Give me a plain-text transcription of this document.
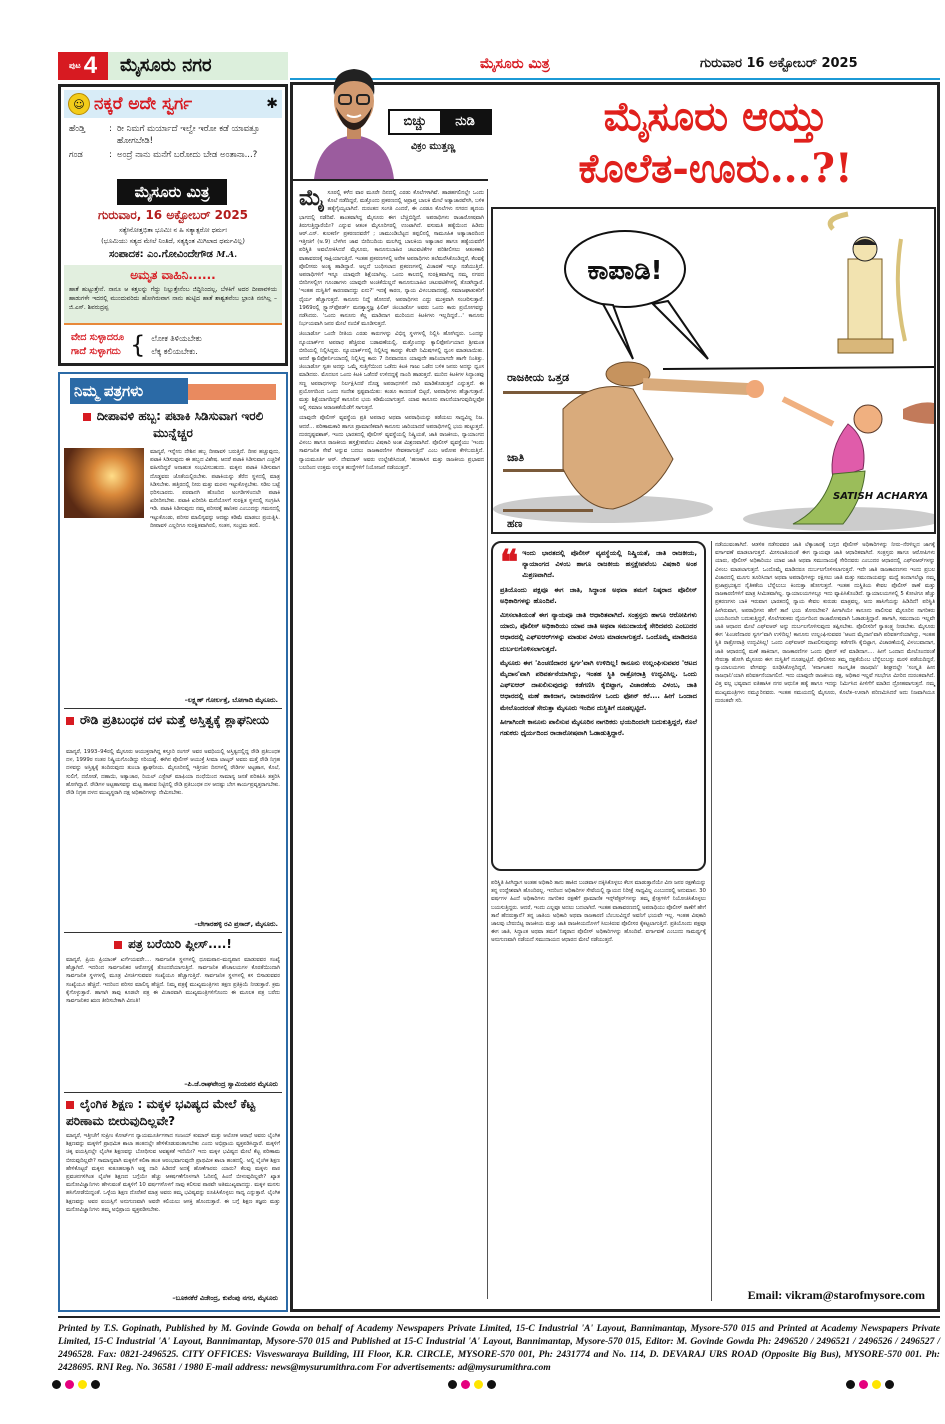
ಪುಟ 4	ಮೈಸೂರು ನಗರ	ಮೈಸೂರು ಮಿತ್ರ	ಗುರುವಾರ 16 ಅಕ್ಟೋಬರ್ 2025
☺ ನಕ್ಕರೆ ಅದೇ ಸ್ವರ್ಗ	✱
ಹೆಂಡ್ತಿ	: ರೀ ನಿಮಗೆ ಮರ್ಯಾದೆ ಇಲ್ವೇ ಇರೋ ಕಡೆ ಯಾವತ್ತೂ ಹೋಗಬೇಡಿ!
ಗಂಡ	: ಅಂದ್ರೆ ನಾನು ಮನೆಗೆ ಬರೋದು ಬೇಡ ಅಂತಾನಾ...?
ಮೈಸೂರು ಮಿತ್ರ
ಗುರುವಾರ, 16 ಅಕ್ಟೋಬರ್ 2025
ಸತ್ಯೇನೋತ್ತಭಿತಾ ಭೂಮಿಃ ನ ಹಿ ಸತ್ಯಾತ್ಪರೋ ಧರ್ಮಃ
(ಭೂಮಿಯು ಸತ್ಯದ ಮೇಲೆ ನಿಂತಿದೆ, ಸತ್ಯಕ್ಕಿಂತ ಮಿಗಿಲಾದ ಧರ್ಮವಿಲ್ಲ)
ಸಂಪಾದಕ: ಎಂ.ಗೋವಿಂದೇಗೌಡ M.A.
ಅಮೃತ ವಾಹಿನಿ......
ಹಾತೆ ಹುಟ್ಟುತ್ತೇನೆ. ನಾನೂ ಆ ಕತ್ತಲನ್ನು ಗೆದ್ದು ನಿಲ್ಲುತ್ತೇನೆಂಬ ಜಿದ್ದಿನಿಂದಲ್ಲ, ಬೆಳಕಿಗೆ ಅದರ ದೀಪಾವಳಿಯ ಹಾಡುಗಳೇ ಇದರಲ್ಲಿ ಮುಂದುವರಿದು ಹೋಗಿರುವಾಗ ನಾನು ಹುಟ್ಟಿದ ಹಾತೆ ಶಾಶ್ವತವೆಂಬ ಭ್ರಾಂತಿ ನನಗಿಲ್ಲ – ಜಿ.ಎಸ್. ಶಿವರುದ್ರಪ್ಪ
ವೇದ ಸುಳ್ಳಾದರೂ
ಗಾದೆ ಸುಳ್ಳಾಗದು { ಲೋಕ ತಿಳಿಯಬೇಕು
ಲೆಕ್ಕ ಕಲಿಯಬೇಕು.
ನಿಮ್ಮ ಪತ್ರಗಳು
ದೀಪಾವಳಿ ಹಬ್ಬ: ಪಟಾಕಿ ಸಿಡಿಸುವಾಗ ಇರಲಿ ಮುನ್ನೆಚ್ಚರ
ಮಾನ್ಯರೆ, ಇನ್ನೇನು ದೇಶಿನ ಹಬ್ಬ ದೀಪಾವಳಿ ಬರುತ್ತಿದೆ. ದೀಪ ಹಚ್ಚುವುದು, ಪಟಾಕಿ ಸಿಡಿಸುವುದು ಈ ಹಬ್ಬದ ವಿಶೇಷ. ಆದರೆ ಪಟಾಕಿ ಸಿಡಿಸುವಾಗ ಎಚ್ಚರಿಕೆ ವಹಿಸದಿದ್ದರೆ ಅನಾಹುತ ಸಂಭವಿಸಬಹುದು. ಮಕ್ಕಳು ಪಟಾಕಿ ಸಿಡಿಸುವಾಗ ದೊಡ್ಡವರು ಜೊತೆಯಲ್ಲಿರಬೇಕು. ಪಟಾಕಿಯನ್ನು ತೆರೆದ ಸ್ಥಳದಲ್ಲಿ ಮಾತ್ರ ಸಿಡಿಸಬೇಕು. ಹತ್ತಿರದಲ್ಲಿ ನೀರು ಮತ್ತು ಮರಳು ಇಟ್ಟುಕೊಳ್ಳಬೇಕು. ಸಡಿಲ ಬಟ್ಟೆ ಧರಿಸಬಾರದು. ಪರವಾನಗಿ ಹೊಂದಿದ ಅಂಗಡಿಗಳಿಂದಲೇ ಪಟಾಕಿ ಖರೀದಿಸಬೇಕು. ಪಟಾಕಿ ಖರೀದಿಸಿ ಮನೆಯೊಳಗೆ ಸುರಕ್ಷಿತ ಸ್ಥಳದಲ್ಲಿ ಸಂಗ್ರಹಿಸಿ ಇಡಿ. ಪಟಾಕಿ ಸಿಡಿಸುವುದು ನಮ್ಮ ಪರಿಸರಕ್ಕೆ ಹಾನಿಕರ ಎಂಬುದನ್ನು ಗಮನದಲ್ಲಿ ಇಟ್ಟುಕೊಂಡು, ಪರಿಸರ ಮಾಲಿನ್ಯವನ್ನು ಆದಷ್ಟು ಕಡಿಮೆ ಮಾಡಲು ಪ್ರಯತ್ನಿಸಿ. ದೀಪಾವಳಿ ಎಲ್ಲರಿಗೂ ಸುರಕ್ಷಿತವಾಗಿರಲಿ, ಸಂತಸ, ಸಂಭ್ರಮ ತರಲಿ.
–ಲಕ್ಷ್ಮಣ್ ಗೋರ್ಲತ್ತೆ, ಬೋಗಾದಿ ಮೈಸೂರು.
ರೌಡಿ ಪ್ರತಿಬಂಧಕ ದಳ ಮತ್ತೆ ಅಸ್ತಿತ್ವಕ್ಕೆ ಶ್ಲಾಘನೀಯ
ಮಾನ್ಯರೆ, 1993–94ರಲ್ಲಿ ಮೈಸೂರು ಆಯುಕ್ತರಾಗಿದ್ದ ಕಸ್ತೂರಿ ರಂಗನ್ ಅವರ ಅವಧಿಯಲ್ಲಿ ಅಸ್ತಿತ್ವದಲ್ಲಿದ್ದ ರೌಡಿ ಪ್ರತಿಬಂಧಕ ದಳ, 1999ರ ನಂತರ ನಿಷ್ಕ್ರಿಯಗೊಂಡಿದ್ದು ಸರಿಯಷ್ಟೆ. ಈಗಿನ ಪೊಲೀಸ್ ಆಯುಕ್ತೆ ಸೀಮಾ ಲಾಟ್ಕರ್ ಅವರು ಮತ್ತೆ ರೌಡಿ ನಿಗ್ರಹ ದಳವನ್ನು ಅಸ್ತಿತ್ವಕ್ಕೆ ತಂದಿರುವುದು ತುಂಬಾ ಶ್ಲಾಘನೀಯ. ಮೈಸೂರಿನಲ್ಲಿ ಇತ್ತೀಚಿನ ದಿನಗಳಲ್ಲಿ ರೌಡಿಗಳ ಅಟ್ಟಹಾಸ, ಕೊಲೆ, ಸುಲಿಗೆ, ದರೋಡೆ, ದಹಾಯಿ, ಅತ್ಯಾಚಾರ, ರಿಯಲ್ ಎಸ್ಟೇಟ್ ಮಾಫಿಯಾ ದಂಧೆಯಿಂದ ಸಾಮಾನ್ಯ ಜನತೆ ಪರಿತಪಿಸಿ ತತ್ತರಿಸಿ ಹೋಗಿದ್ದಾರೆ. ರೌಡಿಗಳ ಅಟ್ಟಹಾಸವನ್ನು ಮಟ್ಟ ಹಾಕುವ ನಿಟ್ಟಿನಲ್ಲಿ ರೌಡಿ ಪ್ರತಿಬಂಧಕ ದಳ ಆದಷ್ಟು ಬೇಗ ಕಾರ್ಯಪ್ರವೃತ್ತರಾಗಬೇಕು. ರೌಡಿ ನಿಗ್ರಹ ದಳದ ಮುಖ್ಯಸ್ಥರಾಗಿ ದಕ್ಷ ಅಧಿಕಾರಿಗಳನ್ನು ನೇಮಿಸಬೇಕು.
–ಬೇಗಾರಹಳ್ಳಿ ರವಿ ಪ್ರಸಾದ್, ಮೈಸೂರು.
ಪತ್ರ ಬರೆಯಿರಿ ಪ್ಲೀಸ್....!
ಮಾನ್ಯರೆ, ಪ್ರಿಯ ಪ್ರಿಯಾಂಕ್ ಖರ್ಗೆಯವರೇ.... ಸಾರ್ವಜನಿಕ ಸ್ಥಳಗಳಲ್ಲಿ ಧೂಮಪಾನ–ಮದ್ಯಪಾನ ಮಾಡುವವರ ಸಂಖ್ಯೆ ಹೆಚ್ಚಾಗಿದೆ. ಇದರಿಂದ ಸಾರ್ವಜನಿಕರ ಆರೋಗ್ಯಕ್ಕೆ ತೊಂದರೆಯಾಗುತ್ತಿದೆ. ಸಾರ್ವಜನಿಕ ಶೌಚಾಲಯಗಳ ಕೊರತೆಯಿಂದಾಗಿ ಸಾರ್ವಜನಿಕ ಸ್ಥಳಗಳಲ್ಲಿ ಮೂತ್ರ ವಿಸರ್ಜಿಸುವವರ ಸಂಖ್ಯೆಯೂ ಹೆಚ್ಚಾಗುತ್ತಿದೆ. ಸಾರ್ವಜನಿಕ ಸ್ಥಳಗಳಲ್ಲಿ ಕಸ ಬಿಸಾಡುವವರ ಸಂಖ್ಯೆಯೂ ಹೆಚ್ಚಿದೆ. ಇದರಿಂದ ಪರಿಸರ ಮಾಲಿನ್ಯ ಹೆಚ್ಚಿದೆ. ನಿಮ್ಮ ಪತ್ರಕ್ಕೆ ಮುಖ್ಯಮಂತ್ರಿಗಳು ತಕ್ಷಣ ಪ್ರತಿಕ್ರಿಯೆ ನೀಡುತ್ತಾರೆ. ಕ್ರಮ ಕೈಗೊಳ್ಳುತ್ತಾರೆ. ಹಾಗಾಗಿ ತಾವು ಕೂಡಲೇ ಪತ್ರ ಈ ವಿಚಾರವಾಗಿ ಮುಖ್ಯಮಂತ್ರಿಗಳಿಗೊಂದು ಈ ಮೂಲಕ ಪತ್ರ ಬರೆದು ಸಾರ್ವಜನಿಕರ ಋಣ ತೀರಿಸಬೇಕಾಗಿ ವಿನಂತಿ!
–ಪಿ.ಜೆ.ರಾಘವೇಂದ್ರ ಸ್ವಾಮಿಯವರ ಮೈಸೂರು
ಲೈಂಗಿಕ ಶಿಕ್ಷಣ : ಮಕ್ಕಳ ಭವಿಷ್ಯದ ಮೇಲೆ ಕೆಟ್ಟ ಪರಿಣಾಮ ಬೀರುವುದಿಲ್ಲವೇ?
ಮಾನ್ಯರೆ, ಇತ್ತೀಚೆಗೆ ಸುಪ್ರೀಂ ಕೋರ್ಟ್‌ನ ನ್ಯಾಯಮೂರ್ತಿಗಳಾದ ಸಂಜಯ್ ಕುಮಾರ್ ಮತ್ತು ಆಲೋಕ ಆರಾಧೆ ಅವರು ಲೈಂಗಿಕ ಶಿಕ್ಷಣವನ್ನು ಮಕ್ಕಳಿಗೆ ಪ್ರಾಥಮಿಕ ಶಾಲಾ ಹಂತದಲ್ಲೇ ಹೇಳಿಕೊಡುವಂತಾಗಬೇಕು ಎಂದು ಅಭಿಪ್ರಾಯ ವ್ಯಕ್ತಪಡಿಸಿದ್ದಾರೆ. ಮಕ್ಕಳಿಗೆ ಚಿಕ್ಕ ವಯಸ್ಸಿನಲ್ಲೇ ಲೈಂಗಿಕ ಶಿಕ್ಷಣವನ್ನು ಬೋಧಿಸುವ ಅವಶ್ಯಕತೆ ಇದೆಯೇ? ಇದು ಮಕ್ಕಳ ಭವಿಷ್ಯದ ಮೇಲೆ ಕೆಟ್ಟ ಪರಿಣಾಮ ಬೀರುವುದಿಲ್ಲವೇ? ಸಾಮಾನ್ಯವಾಗಿ ಮಕ್ಕಳಿಗೆ ಕಲಿಕಾ ಹಂತ ಆರಂಭವಾಗುವುದೇ ಪ್ರಾಥಮಿಕ ಶಾಲಾ ಹಂತದಲ್ಲಿ. ಅಲ್ಲಿ ಲೈಂಗಿಕ ಶಿಕ್ಷಣ ಹೇಳಿಕೊಟ್ಟರೆ ಮಕ್ಕಳು ಕುತೂಹಲಕ್ಕಾಗಿ ಅಡ್ಡ ದಾರಿ ಹಿಡಿದರೆ ಅದಕ್ಕೆ ಹೊಣೆಗಾರರು ಯಾರು? ಕೆಲವು ಮಕ್ಕಳು ಪಾಠ ಪ್ರವಚನಗಳಿಗಿಂತ ಲೈಂಗಿಕ ಶಿಕ್ಷಣದ ಬಗ್ಗೆಯೇ ಹೆಚ್ಚು ಆಕರ್ಷಣೆಗೊಳಗಾಗಿ ಓದಿನಲ್ಲಿ ಹಿಂದೆ ಬೀಳುವುದಿಲ್ಲವೇ? ಖ್ಯಾತ ಮನೋವಿಜ್ಞಾನಿಗಳು ಹೇಳುವಂತೆ ಮಕ್ಕಳಿಗೆ 10 ವರ್ಷಗಳೊಳಗೆ ನಾವು ಕಲಿಸುವ ಪಾಠವೇ ಅತಿಮುಖ್ಯವಾದದ್ದು. ಮಕ್ಕಳ ಮನಸು ಹಸಿಗೋಡೆಯಿದ್ದಂತೆ. ಒಳ್ಳೆಯ ಶಿಕ್ಷಣ ದೊರೆತರೆ ಮಾತ್ರ ಅವರು ತಮ್ಮ ಭವಿಷ್ಯವನ್ನು ರೂಪಿಸಿಕೊಳ್ಳಲು ಸಾಧ್ಯ ಎನ್ನುತ್ತಾರೆ. ಲೈಂಗಿಕ ಶಿಕ್ಷಣವನ್ನು ಅವರ ವಯಸ್ಸಿಗೆ ಅನುಗುಣವಾಗಿ ಅವರೇ ಕಲಿಯಲು ಆಸಕ್ತಿ ಹೊಂದುತ್ತಾರೆ. ಈ ಬಗ್ಗೆ ಶಿಕ್ಷಣ ತಜ್ಞರು ಮತ್ತು ಮನೋವಿಜ್ಞಾನಿಗಳು ತಮ್ಮ ಅಭಿಪ್ರಾಯ ವ್ಯಕ್ತಪಡಿಸಬೇಕು.
–ಬೂಕನಕೆರೆ ವಿಜೇಂದ್ರ, ಕುವೆಂಪು ನಗರ, ಮೈಸೂರು
ಬಿಚ್ಚು	ನುಡಿ
ವಿಕ್ರಂ ಮುತ್ತಣ್ಣ
ಮೈಸೂರು ಆಯ್ತು
ಕೊಲೆತ-ಊರು...?!
ರಾಜಕೀಯ ಒತ್ತಡ
ಜಾತಿ
ಹಣ
ಕಾಪಾಡಿ!
SATISH ACHARYA

ಮೈಸೂರಲ್ಲಿ ಕಳೆದ ವಾರ ಮೂರೇ ದಿನದಲ್ಲಿ ಎರಡು ಕೊಲೆಗಳಾಗಿವೆ. ಹಾಡಹಗಲಿನಲ್ಲೇ ಒಂದು ಕೊಲೆ ನಡೆದಿದ್ದರೆ, ಮತ್ತೊಂದು ಪ್ರಕರಣದಲ್ಲಿ ಅಪ್ರಾಪ್ತ ಬಾಲಕಿ ಮೇಲೆ ಅತ್ಯಾಚಾರವೆಸಗಿ, ಬಳಿಕ ಹತ್ಯೆಗೈಯ್ಯಲಾಗಿದೆ. ದುರಂತದ ಸಂಗತಿ ಎಂದರೆ, ಈ ಎರಡೂ ಕೊಲೆಗಳು ನಗರದ ಹೃದಯ ಭಾಗದಲ್ಲಿ ನಡೆದಿವೆ. ಶಾಂತವಾಗಿದ್ದ ಮೈಸೂರು ಈಗ ಬೆಚ್ಚಿಬಿದ್ದಿದೆ. ಅಪರಾಧಿಗಳು ರಾಜಾರೋಷವಾಗಿ ತಿರುಗುತ್ತಿದ್ದಾರೆಯೇ? ಎನ್ನುವ ಆತಂಕ ಮೈಸೂರಿಗರಲ್ಲಿ ಉಂಟಾಗಿದೆ. ವಸುಮತಿ ಹತ್ಯೆಯಿಂದ ಹಿಡಿದು ಆರ್.ಎನ್. ಕುಲಕರ್ಣಿ ಪ್ರಕರಣದವರೆಗೆ ; ಚಾಮುಂಡಿಬೆಟ್ಟದ ತಪ್ಪಲಿನಲ್ಲಿ ಸಾಮೂಹಿಕ ಅತ್ಯಾಚಾರದಿಂದ ಇತ್ತೀಚಿಗೆ (ಅ.9) ಬೆಳಗಿನ ಜಾವ ಬೀದಿಬದಿಯ ಮಲಗಿದ್ದ ಬಾಲಕಿಯ ಅತ್ಯಾಚಾರ ಹಾಗೂ ಹತ್ಯೆಯವರೆಗೆ ಪರಿಸ್ಥಿತಿ ಅವಲೋಕಿಸಿದರೆ ಮೈಸೂರು, ಕಾನೂನುಬಾಹಿರ ಚಟುವಟಿಕೆಗಳ ಪರಿಶೀಲಿಸಲು ಆತಂಕಕಾರಿ ವಾತಾವರಣಕ್ಕೆ ಸಾಕ್ಷಿಯಾಗುತ್ತಿದೆ. ಇಂತಹ ಪ್ರಕರಣಗಳಲ್ಲಿ ಅನೇಕ ಅಪರಾಧಿಗಳು ತಲೆಮರೆಸಿಕೊಂಡಿದ್ದರೆ, ಕೆಲವಕ್ಕೆ ಪೊಲೀಸರು ಅಂತ್ಯ ಹಾಡಿದ್ದಾರೆ. ಅಲ್ಲದೆ ಬಂಧಿಸಲಾದ ಪ್ರಕರಣಗಳಲ್ಲಿ ವಿಚಾರಣೆ ಇನ್ನೂ ನಡೆಯುತ್ತಿದೆ. ಅಪರಾಧಿಗಳಿಗೆ ಇನ್ನೂ ಯಾವುದೇ ಶಿಕ್ಷೆಯಾಗಿಲ್ಲ. ಒಂದು ಕಾಲದಲ್ಲಿ ಸುರಕ್ಷಿತವಾಗಿದ್ದ ನಮ್ಮ ನಗರದ ಬೀದಿಗಳಲ್ಲೀಗ ಗೂಂಡಾಗಳು ಯಾವುದೇ ಅಂಜಿಕೆಯಿಲ್ಲದೆ ಕಾನೂನುಬಾಹಿರ ಚಟುವಟಿಕೆಗಳಲ್ಲಿ ತೊಡಗಿದ್ದಾರೆ. 'ಇಂತಹ ದುಸ್ಥಿತಿಗೆ ಕಾರಣವಾದದ್ದು ಏನು?' ಇದಕ್ಕೆ ಕಾರಣ, ನ್ಯಾಯ ವಿಳಂಬವಾದರಷ್ಟೆ, ಸಮಾಜಘಾತುಕರಿಗೆ ಧೈರ್ಯ ಹೆಚ್ಚಾಗುತ್ತದೆ. ಕಾನೂನು ನಿದ್ದೆ ಹೋದರೆ, ಅಪರಾಧಿಗಳು ಎದ್ದು ಮುಕ್ತವಾಗಿ ಸಂಚರಿಸುತ್ತಾರೆ. 1969ರಲ್ಲಿ ಸ್ಟ್ಯಾನ್‌ಫೋರ್ಡ್ ಮನಶ್ಶಾಸ್ತ್ರಜ್ಞ ಫಿಲಿಪ್ ಜಿಂಬಾರ್ಡೊ ಅವರು ಒಂದು ಕಾರು ಪ್ರಯೋಗವನ್ನು ನಡೆಸಿದರು. 'ಒಂದು ಕಾನೂನು ಕೆಲ್ಲ ಮಾಡಿದಾಗ ಮುರಿಯದ ಕಿಟಕಿಗಳು ಇಲ್ಲದಿದ್ದರೆ...' ಕಾನೂನು ನಿರ್ಭಯವಾಗಿ ಜನರ ಮೇಲೆ ನಂಬಿಕೆ ಮೂಡಿಸುತ್ತದೆ.

ಜಿಂಬಾರ್ಡೊ ಒಂದೇ ರೀತಿಯ ಎರಡು ಕಾರುಗಳನ್ನು ವಿಭಿನ್ನ ಸ್ಥಳಗಳಲ್ಲಿ ನಿಲ್ಲಿಸಿ ಹೋಗಿದ್ದರು. ಒಂದನ್ನು ನ್ಯೂಯಾರ್ಕ್‌ನ ಅಪರಾಧ ಹೆಚ್ಚಿರುವ ಬಡಾವಣೆಯಲ್ಲಿ, ಮತ್ತೊಂದನ್ನು ಕ್ಯಾಲಿಫೋರ್ನಿಯಾದ ಶ್ರೀಮಂತ ಬೀದಿಯಲ್ಲಿ ನಿಲ್ಲಿಸಿದ್ದರು. ನ್ಯೂಯಾರ್ಕ್‌ನಲ್ಲಿ ನಿಲ್ಲಿಸಿದ್ದ ಕಾರನ್ನು ಕೆಲವೇ ನಿಮಿಷಗಳಲ್ಲಿ ಧ್ವಂಸ ಮಾಡಲಾಯಿತು. ಆದರೆ ಕ್ಯಾಲಿಫೋರ್ನಿಯಾದಲ್ಲಿ ನಿಲ್ಲಿಸಿದ್ದ ಕಾರು 7 ದಿನವಾದರೂ ಯಾವುದೇ ಹಾನಿಯಾಗದೇ ಹಾಗೇ ನಿಂತಿತ್ತು. ಜಿಂಬಾರ್ಡೊ ಸ್ವತಃ ಅದನ್ನು ಒಮ್ಮೆ ಸುತ್ತಿಗೆಯಿಂದ ಒಡೆದು ಕಿಟಕಿ ಗಾಜು ಒಡೆದ ಬಳಿಕ ಜನರು ಅದನ್ನು ಧ್ವಂಸ ಮಾಡಿದರು. ಮೊದಲನ ಒಂದು ಕಿಟಕಿ ಒಡೆದರೆ ಉಳಿದದ್ದಕ್ಕೆ ನಾಂದಿ ಹಾಡುತ್ತದೆ. ಮುರಿದ ಕಿಟಕಿಗಳ ಸಿದ್ಧಾಂತವು ಸಣ್ಣ ಅಪರಾಧಗಳನ್ನು ನಿರ್ಲಕ್ಷಿಸಿದರೆ ದೊಡ್ಡ ಅಪರಾಧಗಳಿಗೆ ದಾರಿ ಮಾಡಿಕೊಡುತ್ತದೆ ಎನ್ನುತ್ತದೆ. ಈ ಪ್ರಯೋಗದಿಂದ ಒಂದು ಸಂದೇಶ ಸ್ಪಷ್ಟವಾಯಿತು: ಕಂಡೂ ಕಾಣದಂತೆ ಬಿಟ್ಟರೆ, ಅಪರಾಧಿಗಳು ಹೆಚ್ಚಾಗುತ್ತಾರೆ. ಮತ್ತು ಶಿಕ್ಷೆಯಾಗದಿದ್ದರೆ ಕಾನೂನಿನ ಭಯ ಕಡಿಮೆಯಾಗುತ್ತದೆ. ಯಾವ ಕಾನೂನು ಪಾಲನೆಯಾಗುವುದಿಲ್ಲವೋ ಅಲ್ಲಿ ಸಮಾಜ ಅರಾಜಕತೆಯೆಡೆಗೆ ಸಾಗುತ್ತದೆ.

ಯಾವುದೇ ಪೊಲೀಸ್ ವ್ಯವಸ್ಥೆಯ ಪ್ರತಿ ಅಪರಾಧ ಅಥವಾ ಅಪರಾಧಿಯನ್ನು ತಡೆಯಲು ಸಾಧ್ಯವಿಲ್ಲ ನಿಜ. ಆದರೆ... ಪರಿಣಾಮಕಾರಿ ಹಾಗೂ ಪ್ರಾಮಾಣಿಕವಾಗಿ ಕಾನೂನು ಜಾರಿಯಾದರೆ ಅಪರಾಧಿಗಳಲ್ಲಿ ಭಯ ಹುಟ್ಟುತ್ತದೆ. ದುರದೃಷ್ಟವಶಾತ್, ಇಂದು ಭಾರತದಲ್ಲಿ ಪೊಲೀಸ್ ವ್ಯವಸ್ಥೆಯಲ್ಲಿ ನಿಷ್ಕ್ರಿಯತೆ, ಜಾತಿ ರಾಜಕೀಯ, ನ್ಯಾಯಾಂಗದ ವಿಳಂಬ ಹಾಗೂ ರಾಜಕೀಯ ಹಸ್ತಕ್ಷೇಪವೆಂಬ ವಿಷಕಾರಿ ಅಂಶ ಮಿಶ್ರಣವಾಗಿದೆ. ಪೊಲೀಸ್ ವ್ಯವಸ್ಥೆಯು 'ಇಂದು ಸಾರ್ವಜನಿಕ ಸೇವೆ ಅನ್ನುವ ಬದಲು ರಾಜಕಾರಣಿಗಳ ಸೇವಕರಾಗುತ್ತಿದೆ' ಎಂಬ ಆರೋಪ ಕೇಳಿಬರುತ್ತಿದೆ. ನ್ಯಾಯಮೂರ್ತಿ ಆರ್. ದೇವದಾಸ್ ಅವರು ಉಲ್ಲೇಖಿಸಿದಂತೆ, 'ಹಣಕಾಸಿನ ಮತ್ತು ರಾಜಕೀಯ ಪ್ರಭಾವದ ಬಲದಿಂದ ಉತ್ತಮ ಉನ್ನತ ಹುದ್ದೆಗಳಿಗೆ ನಿಯೋಜನೆ ನಡೆಯುತ್ತದೆ'.

❝ ಇಂದು ಭಾರತದಲ್ಲಿ ಪೊಲೀಸ್ ವ್ಯವಸ್ಥೆಯಲ್ಲಿ ನಿಷ್ಕ್ರಿಯತೆ, ಜಾತಿ ರಾಜಕೀಯ, ನ್ಯಾಯಾಂಗದ ವಿಳಂಬ ಹಾಗೂ ರಾಜಕೀಯ ಹಸ್ತಕ್ಷೇಪವೆಂಬ ವಿಷಕಾರಿ ಅಂಶ ಮಿಶ್ರಣವಾಗಿದೆ.

ಪ್ರತಿಯೊಂದು ಪಕ್ಷವೂ ಈಗ ಜಾತಿ, ಸಿದ್ಧಾಂತ ಅಥವಾ ತಮಗೆ ನಿಷ್ಠರಾದ ಪೊಲೀಸ್ ಅಧಿಕಾರಿಗಳನ್ನು ಹೊಂದಿವೆ.

ಮೀಸಲಾತಿಯಂತೆ ಈಗ ನ್ಯಾಯವೂ ಜಾತಿ ಆಧಾರಿತವಾಗಿದೆ. ಸಂತ್ರಸ್ತರು ಹಾಗೂ ಆರೋಪಿಗಳು ಯಾರು, ಪೊಲೀಸ್ ಅಧಿಕಾರಿಯು ಯಾವ ಜಾತಿ ಅಥವಾ ಸಮುದಾಯಕ್ಕೆ ಸೇರಿದವರು ಎಂಬುದರ ಆಧಾರದಲ್ಲಿ ಎಫ್‌ಐಆರ್‌ಗಳನ್ನು ಮಾಡುವ ವಿಳಂಬ ಮಾಡಲಾಗುತ್ತದೆ. ಒಂದೊಮ್ಮೆ ಮಾಡಿದರೂ ದುರ್ಬಲಗೊಳಿಸಲಾಗುತ್ತದೆ.

ಮೈಸೂರು ಈಗ 'ಪಿಂಚಣಿದಾರರ ಸ್ವರ್ಗ'ವಾಗಿ ಉಳಿದಿಲ್ಲ! ಕಾನೂನು ಉಲ್ಲಂಘಿಸುವವರ 'ಆಟದ ಮೈದಾನ'ವಾಗಿ ಪರಿವರ್ತನೆಯಾಗಿದ್ದು, ಇಂತಹ ಸ್ಥಿತಿ ರಾತ್ರೋರಾತ್ರಿ ಉದ್ಭವಿಸಿಲ್ಲ. ಒಂದು ಎಫ್‌ಐಆರ್ ದಾಖಲಿಸುವುದನ್ನು ಕಡೆಗಣಿಸಿ ಕೈಬಿಟ್ಟಾಗ, ವಿಚಾರಣೆಯ ವಿಳಂಬ, ಜಾತಿ ಆಧಾರದಲ್ಲಿ ಮಣೆ ಹಾಕಿದಾಗ, ರಾಜಕಾರಣಿಗಳ ಒಂದು ಫೋನ್ ಕರೆ.... ಹೀಗೆ ಒಂದಾದ ಮೇಲೊಂದರಂತೆ ಸೇರುತ್ತಾ ಮೈಸೂರು ಇಂದಿನ ದುಸ್ಥಿತಿಗೆ ದೂಡಲ್ಪಟ್ಟಿದೆ.

ಹೀಗಾಗಿಂದೇ ಕಾನೂನು ಪಾಲಿಸುವ ಮೈಸೂರಿನ ನಾಗರಿಕರು ಭಯದಿಂದಲೇ ಬದುಕುತ್ತಿದ್ದರೆ, ಕೊಲೆ ಗಡುಕರು ಧೈರ್ಯದಿಂದ ರಾಜಾರೋಷವಾಗಿ ಓಡಾಡುತ್ತಿದ್ದಾರೆ.

ಪರಿಸ್ಥಿತಿ ಹೀಗಿದ್ದಾಗ ಅಂತಹ ಅಧಿಕಾರಿ ತಾನು ಹಾಕಿದ ಬಂಡವಾಳ ದಕ್ಕಿಸಿಕೊಳ್ಳಲು ಕೆಲಸ ಮಾಡುತ್ತಾನೆಯೇ ವಿನಃ ಜನರ ರಕ್ಷಣೆಯನ್ನು ತನ್ನ ಉದ್ದೇಶವಾಗಿ ಹೊಂದಿರಲ್ಲ. ಇದರಿಂದ ಅಧಿಕಾರಿಗಳ ಸೇವೆಯಲ್ಲಿ ನ್ಯಾಯದ ನಿರೀಕ್ಷೆ ಸಾಧ್ಯವಿಲ್ಲ ಎಂಬುದರಲ್ಲಿ ಅನುಮಾನ. 30 ವರ್ಷಗಳ ಹಿಂದೆ ಅಧಿಕಾರಿಗಳು ನಾಗರಿಕರ ರಕ್ಷಣೆಗೆ ಪ್ರಾಮಾಣಿಕ ಇನ್ಸ್‌ಪೆಕ್ಟರ್‌ಗಳನ್ನು ತಮ್ಮ ಕ್ಷೇತ್ರಗಳಿಗೆ ನಿಯೋಜಿಸಿಕೊಳ್ಳಲು ಬಯಸುತ್ತಿದ್ದರು. ಆದರೆ, ಇಂದು ಎಲ್ಲವೂ ಅದಲು ಬದಲಾಗಿದೆ. ಇಂತಹ ವಾತಾವರಣದಲ್ಲಿ ಅಪರಾಧಿಯು ಪೊಲೀಸ್ ಠಾಣೆಗೆ ಹೇಗೆ ತಾನೆ ಹೆದರುತ್ತಾನೆ? ತನ್ನ ಜಾತಿಯ ಅಧಿಕಾರಿ ಅಥವಾ ರಾಜಕಾರಣಿ ಬೆಂಬಲವಿದ್ದರೆ ಅವನಿಗೆ ಭಯವೇ ಇಲ್ಲ. ಇಂತಹ ವಿಷಕಾರಿ ಜಾಲವು ಬೇರುಬಿಟ್ಟ ರಾಜಕೀಯ ಮತ್ತು ಜಾತಿ ರಾಜಕೀಯದೊಳಗೆ ಸಿಲುಕಿರುವ ಪೊಲೀಸರ ಕೈಕಟ್ಟಲಾಗುತ್ತಿದೆ. ಪ್ರತಿಯೊಂದು ಪಕ್ಷವೂ ಈಗ ಜಾತಿ, ಸಿದ್ಧಾಂತ ಅಥವಾ ತಮಗೆ ನಿಷ್ಠರಾದ ಪೊಲೀಸ್ ಅಧಿಕಾರಿಗಳನ್ನು ಹೊಂದಿವೆ. ವರ್ಗಾವಣೆ ಎಂಬುದು ಸಾಮರ್ಥ್ಯಕ್ಕೆ ಅನುಗುಣವಾಗಿ ನಡೆಯದೆ ಸಮುದಾಯದ ಆಧಾರದ ಮೇಲೆ ನಡೆಯುತ್ತದೆ.
ನಡೆಯುವಂತಾಗಿದೆ. ಆಡಳಿತ ನಡೆಸುವವರ ಜಾತಿ ಲೆಕ್ಕಾಚಾರಕ್ಕೆ ಬಗ್ಗದ ಪೊಲೀಸ್ ಅಧಿಕಾರಿಗಳನ್ನು ನೀರು–ನೆರಳಿಲ್ಲದ ಜಾಗಕ್ಕೆ ವರ್ಗಾವಣೆ ಮಾಡಲಾಗುತ್ತದೆ. ಮೀಸಲಾತಿಯಂತೆ ಈಗ ನ್ಯಾಯವೂ ಜಾತಿ ಆಧಾರಿತವಾಗಿದೆ. ಸಂತ್ರಸ್ತರು ಹಾಗೂ ಆರೋಪಿಗಳು ಯಾರು, ಪೊಲೀಸ್ ಅಧಿಕಾರಿಯು ಯಾವ ಜಾತಿ ಅಥವಾ ಸಮುದಾಯಕ್ಕೆ ಸೇರಿದವರು ಎಂಬುದರ ಆಧಾರದಲ್ಲಿ ಎಫ್‌ಐಆರ್‌ಗಳನ್ನು ವಿಳಂಬ ಮಾಡಲಾಗುತ್ತದೆ. ಒಂದೊಮ್ಮೆ ಮಾಡಿದರೂ ದುರ್ಬಲಗೊಳಿಸಲಾಗುತ್ತದೆ. ಇದೇ ಜಾತಿ ರಾಜಕಾರಣಗಳು ಇಂದು ಪ್ರಬಲ ವಿಚಾರದಲ್ಲಿ ಮೂಗು ತೂರಿಸಿದಾಗ ಅಥವಾ ಅಪರಾಧಿಗಳನ್ನು ರಕ್ಷಿಸಲು ಜಾತಿ ಮತ್ತು ಸಮುದಾಯವನ್ನು ಮಧ್ಯೆ ತಂದಾಗಲೆಲ್ಲಾ ನಮ್ಮ ಪ್ರಜಾಪ್ರಭುತ್ವದ ನೈತಿಕತೆಯ ಬೆನ್ನೆಲುಬು ಕಿಂದುತ್ತಾ ಹೋಗುತ್ತದೆ. ಇಂತಹ ದುಸ್ಥಿತಿಯ ಕೇವಲ ಪೊಲೀಸ್ ಠಾಣೆ ಮತ್ತು ರಾಜಕಾರಣಿಗಳಿಗೆ ಮಾತ್ರ ಸೀಮಿತವಾಗಿಲ್ಲ. ನ್ಯಾಯಾಲಯಗಳಲ್ಲೂ ಇದು ವ್ಯಾಪಿಸಿಕೊಂಡಿದೆ. ನ್ಯಾಯಾಲಯಗಳಲ್ಲಿ 5 ಕೋಟಿಗೂ ಹೆಚ್ಚು ಪ್ರಕರಣಗಳು ಬಾಕಿ ಇರುವಾಗ ಭಾರತದಲ್ಲಿ ನ್ಯಾಯ ಕೇವಲ ಕುರುಡು ಮಾತ್ರವಲ್ಲ, ಅದು ಹಾಸಿಗೆಯನ್ನು ಹಿಡಿದಿದೆ! ಪರಿಸ್ಥಿತಿ ಹೀಗಿರುವಾಗ, ಅಪರಾಧಿಗಳು ಹೇಗೆ ತಾನೆ ಭಯ ತೋರಬೇಕು? ಹೀಗಾಗಿಯೇ ಕಾನೂನು ಪಾಲಿಸುವ ಮೈಸೂರಿನ ನಾಗರಿಕರು ಭಯದಿಂದಲೇ ಬದುಕುತ್ತಿದ್ದರೆ, ಕೊಲೆಗಡುಕರು ಧೈರ್ಯದಿಂದ ರಾಜಾರೋಷವಾಗಿ ಓಡಾಡುತ್ತಿದ್ದಾರೆ. ಹಾಗಾಗಿ, ಸಮುದಾಯ ಇಲ್ಲವೇ ಜಾತಿ ಆಧಾರದ ಮೇಲೆ ಎಫ್‌ಐಆರ್ ಅನ್ನು ದುರ್ಬಲಗೊಳಿಸುವುದು ತಪ್ಪಿಸಬೇಕು. ಪೊಲೀಸರಿಗೆ ಸ್ವಾತಂತ್ರ್ಯ ನೀಡಬೇಕು. ಮೈಸೂರು ಈಗ 'ಪಿಂಚಣಿದಾರರ ಸ್ವರ್ಗ'ವಾಗಿ ಉಳಿದಿಲ್ಲ! ಕಾನೂನು ಉಲ್ಲಂಘಿಸುವವರ 'ಆಟದ ಮೈದಾನ'ವಾಗಿ ಪರಿವರ್ತನೆಯಾಗಿದ್ದು, ಇಂತಹ ಸ್ಥಿತಿ ರಾತ್ರೋರಾತ್ರಿ ಉದ್ಭವಿಸಿಲ್ಲ! ಒಂದು ಎಫ್‌ಐಆರ್ ದಾಖಲಿಸುವುದನ್ನು ಕಡೆಗಣಿಸಿ ಕೈಬಿಟ್ಟಾಗ, ವಿಚಾರಣೆಯಲ್ಲಿ ವಿಳಂಬವಾದಾಗ, ಜಾತಿ ಆಧಾರದಲ್ಲಿ ಮಣೆ ಹಾಕಿದಾಗ, ರಾಜಕಾರಣಿಗಳ ಒಂದು ಫೋನ್ ಕರೆ ಮಾಡಿದಾಗ.... ಹೀಗೆ ಒಂದಾದ ಮೇಲೊಂದರಂತೆ ಸೇರುತ್ತಾ ಹೋಗಿ ಮೈಸೂರು ಈಗ ದುಸ್ಥಿತಿಗೆ ದೂಡಲ್ಪಟ್ಟಿದೆ. ಪೊಲೀಸರು ತಮ್ಮ ದಕ್ಷತೆಯೆಂಬ ಬೆನ್ನೆಲುಬನ್ನು ಮರಳಿ ಪಡೆಯದಿದ್ದರೆ, ನ್ಯಾಯಾಲಯಗಳು ವೇಗವನ್ನು ರೂಢಿಸಿಕೊಳ್ಳದಿದ್ದರೆ, 'ಕರ್ನಾಟಕದ ಸಾಂಸ್ಕೃತಿಕ ರಾಜಧಾನಿ' ಶೀಘ್ರದಲ್ಲೇ 'ಸಂಸ್ಕೃತಿ ಹೀನ ರಾಜಧಾನಿ'ಯಾಗಿ ಪರಿವರ್ತನೆಯಾಗಲಿದೆ. ಇದು ಯಾವುದೇ ರಾಜಕೀಯ ಪಕ್ಷ, ಅಧಿಕಾರ ಇಲ್ಲವೆ ಗಲಭೆಗೂ ಮೀರಿದ ದುರಂತವಾಗಿದೆ. ವಿತ್ತ ವಲ್ಲ ಭವ್ಯವಾದ ಐತಿಹಾಸಿಕ ನಗರ ಆಧುನಿಕ ಹತ್ಯೆ ಹಾಗೂ ಇದನ್ನು ನಿರ್ಮಿಸಿದ ಪೀಳಿಗೆಗೆ ಮಾಡಿದ ದ್ರೋಹವಾಗುತ್ತದೆ. ನಮ್ಮ ಮುಖ್ಯಮಂತ್ರಿಗಳು ನಮ್ಮೂರಿನವರು. ಇಂತಹ ಸಮಯದಲ್ಲಿ ಮೈಸೂರು, ಕೊಲೆತ–ಊರಾಗಿ ಪರಿಣಮಿಸಿದರೆ ಅದು ನಿಜವಾಗಿಯೂ ದುರಂತವೇ ಸರಿ.
Email: vikram@starofmysore.com
Printed by T.S. Gopinath, Published by M. Govinde Gowda on behalf of Academy Newspapers Private Limited, 15-C Industrial 'A' Layout, Bannimantap, Mysore-570 015 and Printed at Academy Newspapers Private Limited, 15-C Industrial 'A' Layout, Bannimantap, Mysore-570 015 and Published at 15-C Industrial 'A' Layout, Bannimantap, Mysore-570 015, Editor: M. Govinde Gowda Ph: 2496520 / 2496521 / 2496526 / 2496527 / 2496528. Fax: 0821-2496525. CITY OFFICES: Visveswaraya Building, III Floor, K.R. CIRCLE, MYSORE-570 001, Ph: 2431774 and No. 114, D. DEVARAJ URS ROAD (Opposite Big Bus), MYSORE-570 001. Ph: 2428695. RNI Reg. No. 36581 / 1980 E-mail address: news@mysurumithra.com For advertisements: ad@mysurumithra.com
